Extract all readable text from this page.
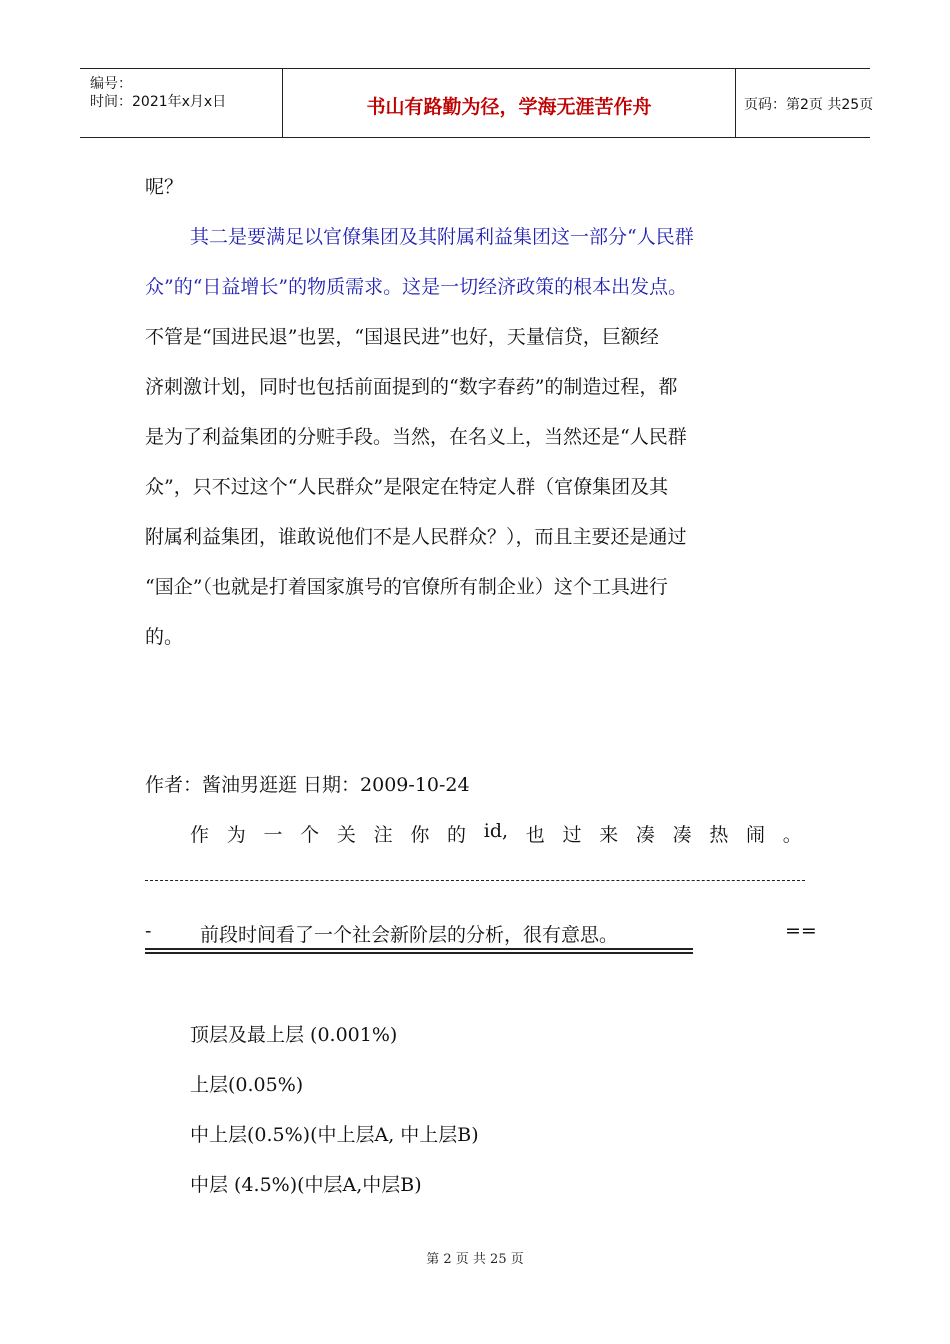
编号：
时间：2021年x月x日	书山有路勤为径，学海无涯苦作舟	页码：第2页 共25页
呢？
其二是要满足以官僚集团及其附属利益集团这一部分“人民群
众”的“日益增长”的物质需求。这是一切经济政策的根本出发点。
不管是“国进民退”也罢，“国退民进”也好，天量信贷，巨额经
济刺激计划，同时也包括前面提到的“数字春药”的制造过程，都
是为了利益集团的分赃手段。当然，在名义上，当然还是“人民群
众”，只不过这个“人民群众”是限定在特定人群（官僚集团及其
附属利益集团，谁敢说他们不是人民群众？），而且主要还是通过
“国企”（也就是打着国家旗号的官僚所有制企业）这个工具进行
的。
作者：酱油男逛逛 日期：2009-10-24
作 为 一 个 关 注 你 的 id, 也 过 来 凑 凑 热 闹 。
-	前段时间看了一个社会新阶层的分析，很有意思。	==
顶层及最上层 (0.001%)
上层(0.05%)
中上层(0.5%)(中上层A, 中上层B)
中层 (4.5%)(中层A,中层B)
第 2 页 共 25 页
